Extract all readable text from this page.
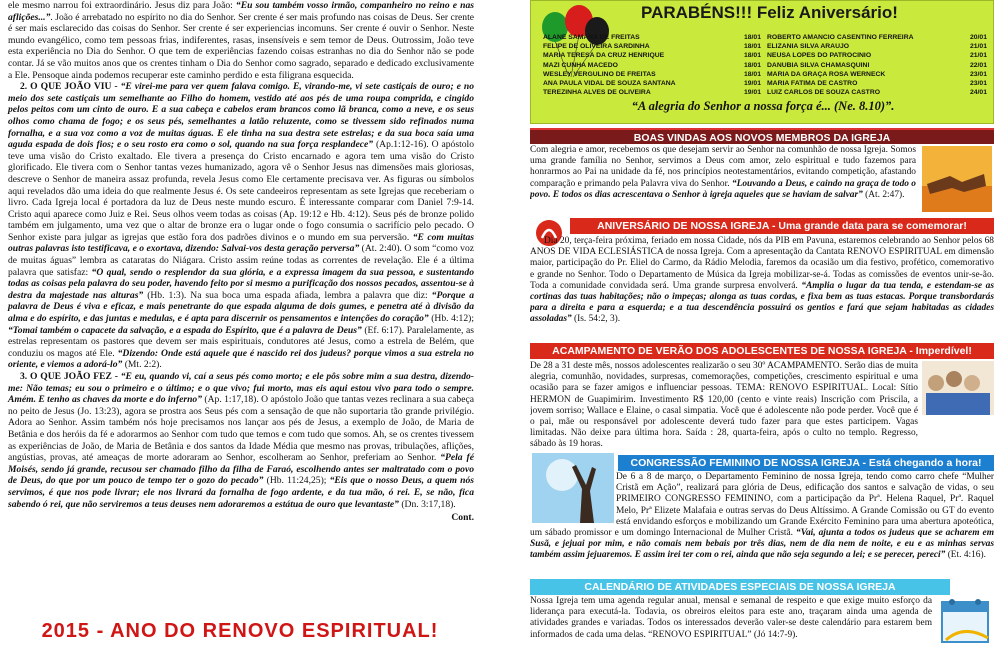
ele mesmo narrou foi extraordinário. Jesus diz para João: “Eu sou também vosso irmão, companheiro no reino e nas aflições...”. João é arrebatado no espírito no dia do Senhor. Ser crente é ser mais profundo nas coisas de Deus. Ser crente é ser mais esclarecido das coisas do Senhor. Ser crente é ser experiencias incomuns. Ser crente é ouvir o Senhor. Neste mundo evangélico, como tem pessoas frias, indiferentes, rasas, insensíveis e sem temor de Deus. Outrossim, João teve esta experiência no Dia do Senhor. O que tem de experiências fazendo coisas estranhas no dia do Senhor não se pode contar. Já se vão muitos anos que os crentes tinham o Dia do Senhor como sagrado, separado e dedicado exclusivamente a Ele. Pensoque ainda podemos recuperar este caminho perdido e esta filigrana esquecida.

2. O QUE JOÃO VIU - “E virei-me para ver quem falava comigo. E, virando-me, vi sete castiçais de ouro; e no meio dos sete castiçais um semelhante ao Filho do homem, vestido até aos pés de uma roupa comprida, e cingido pelos peitos com um cinto de ouro. E a sua cabeça e cabelos eram brancos como lã branca, como a neve, e os seus olhos como chama de fogo; e os seus pés, semelhantes a latão reluzente, como se tivessem sido refinados numa fornalha, e a sua voz como a voz de muitas águas. E ele tinha na sua destra sete estrelas; e da sua boca saía uma aguda espada de dois fios; e o seu rosto era como o sol, quando na sua força resplandece” (Ap.1:12-16). O apóstolo teve uma visão do Cristo exaltado. Ele tivera a presença do Cristo encarnado e agora tem uma visão do Cristo glorificado. Ele tivera com o Senhor tantas vezes humanizado, agora vê o Senhor Jesus nas dimensões mais gloriosas, descreve o Senhor de maneira assaz profunda, revela Jesus como Ele certamente precisava ver. As figuras ou símbolos aqui revelados dão uma ideia do que realmente Jesus é. Os sete candeeiros representam as sete Igrejas que receberiam o livro. Cada Igreja local é portadora da luz de Deus neste mundo escuro. É interessante comparar com Daniel 7:9-14. Cristo aqui aparece como Juiz e Rei. Seus olhos veem todas as coisas (Ap. 19:12 e Hb. 4:12). Seus pés de bronze polido também em julgamento, uma vez que o altar de bronze era o lugar onde o fogo consumia o sacrifício pelo pecado. O Senhor existe para julgar as igrejas que estão fora dos padrões divinos e o mundo em sua perversão. “E com muitas outras palavras isto testificava, e o exortava, dizendo: Salvai-vos desta geração perversa” (At. 2:40). O som “como voz de muitas águas” lembra as cataratas do Niágara. Cristo assim reúne todas as correntes de revelação. Ele é a última palavra que satisfaz: “O qual, sendo o resplendor da sua glória, e a expressa imagem da sua pessoa, e sustentando todas as coisas pela palavra do seu poder, havendo feito por si mesmo a purificação dos nossos pecados, assentou-se à destra da majestade nas alturas” (Hb. 1:3). Na sua boca uma espada afiada, lembra a palavra que diz: “Porque a palavra de Deus é viva e eficaz, e mais penetrante do que espada alguma de dois gumes, e penetra até à divisão da alma e do espírito, e das juntas e medulas, e é apta para discernir os pensamentos e intenções do coração” (Hb. 4:12); “Tomai também o capacete da salvação, e a espada do Espírito, que é a palavra de Deus” (Ef. 6:17). Paralelamente, as estrelas representam os pastores que devem ser mais espirituais, condutores até Jesus, como a estrela de Belém, que conduziu os magos até Ele. “Dizendo: Onde está aquele que é nascido rei dos judeus? porque vimos a sua estrela no oriente, e viemos a adorá-lo” (Mt. 2:2).

3. O QUE JOÃO FEZ - “E eu, quando vi, caí a seus pés como morto; e ele pôs sobre mim a sua destra, dizendo-me: Não temas; eu sou o primeiro e o último; e o que vivo; fui morto, mas eis aqui estou vivo para todo o sempre. Amém. E tenho as chaves da morte e do inferno” (Ap. 1:17,18). O apóstolo João que tantas vezes reclinara a sua cabeça no peito de Jesus (Jo. 13:23), agora se prostra aos Seus pés com a sensação de que não suportaria tão grande privilégio. Adora ao Senhor. Assim também nós hoje precisamos nos lançar aos pés de Jesus, a exemplo de João, de Maria de Betânia e dos heróis da fé e adorarmos ao Senhor com tudo que temos e com tudo que somos. Ah, se os crentes tivessem as experiências de João, de Maria de Betânia e dos santos da Idade Média que mesmo nas provas, tribulações, aflições, angústias, provas, até ameaças de morte adoraram ao Senhor, escolheram ao Senhor, preferiam ao Senhor. “Pela fé Moisés, sendo já grande, recusou ser chamado filho da filha de Faraó, escolhendo antes ser maltratado com o povo de Deus, do que por um pouco de tempo ter o gozo do pecado” (Hb. 11:24,25); “Eis que o nosso Deus, a quem nós servimos, é que nos pode livrar; ele nos livrará da fornalha de fogo ardente, e da tua mão, ó rei. E, se não, fica sabendo ó rei, que não serviremos a teus deuses nem adoraremos a estátua de ouro que levantaste” (Dn. 3:17,18).

Cont.
2015 - ANO DO RENOVO ESPIRITUAL!
PARABÉNS!!! Feliz Aniversário!
ALANE SAMARA DE FREITAS	18/01
FELIPE DE OLIVEIRA SARDINHA	18/01
MARIA TERESA DA CRUZ HENRIQUE	18/01
MAZI CUNHA MACEDO	18/01
WESLEY VERGULINO DE FREITAS	18/01
ANA PAULA VIDAL DE SOUZA SANTANA	19/01
TEREZINHA ALVES DE OLIVEIRA	19/01
ROBERTO AMANCIO CASENTINO FERREIRA	20/01
ELIZANIA SILVA ARAUJO	21/01
NEUSA LOPES DO PATROCINIO	21/01
DANUBIA SILVA CHAMASQUINI	22/01
MARIA DA GRAÇA ROSA WERNECK	23/01
MARIA FATIMA DE CASTRO	23/01
LUIZ CARLOS DE SOUZA CASTRO	24/01
“A alegria do Senhor a nossa força é... (Ne. 8.10)”.
BOAS VINDAS AOS NOVOS MEMBROS DA IGREJA
Com alegria e amor, recebemos os que desejam servir ao Senhor na comunhão de nossa Igreja. Somos uma grande família no Senhor, servimos a Deus com amor, zelo espiritual e tudo fazemos para honrarmos ao Pai na unidade da fé, nos princípios neotestamentários, evitando competição, afastando comparação e primando pela Palavra viva do Senhor. “Louvando a Deus, e caindo na graça de todo o povo. E todos os dias acrescentava o Senhor à igreja aqueles que se haviam de salvar” (At. 2:47).
ANIVERSÁRIO DE NOSSA IGREJA - Uma grande data para se comemorar!
Dia 20, terça-feira próxima, feriado em nossa Cidade, nós da PIB em Pavuna, estaremos celebrando ao Senhor pelos 68 ANOS DE VIDA ECLESIÁSTICA de nossa Igreja. Com a apresentação da Cantata RENOVO ESPIRITUAL em dimensão maior, participação do Pr. Eliel do Carmo, da Rádio Melodia, faremos da ocasião um dia festivo, profético, comemorativo e grande no Senhor. Todo o Departamento de Música da Igreja mobilizar-se-á. Todas as comissões de eventos unir-se-ão. Toda a comunidade convidada será. Uma grande surpresa envolverá. “Amplia o lugar da tua tenda, e estendam-se as cortinas das tuas habitações; não o impeças; alonga as tuas cordas, e fixa bem as tuas estacas. Porque transbordarás para a direita e para a esquerda; e a tua descendência possuirá os gentios e fará que sejam habitadas as cidades assoladas” (Is. 54:2, 3).
ACAMPAMENTO DE VERÃO DOS ADOLESCENTES DE NOSSA IGREJA - Imperdível!
De 28 a 31 deste mês, nossos adolescentes realizarão o seu 30º ACAMPAMENTO. Serão dias de muita alegria, comunhão, novidades, surpresas, comemorações, competições, crescimento espiritual e uma ocasião para se fazer amigos e influenciar pessoas. TEMA: RENOVO ESPIRITUAL. Local: Sítio HERMON de Guapimirim. Investimento R$ 120,00 (cento e vinte reais) Inscrição com Priscila, a jovem sorriso; Wallace e Elaine, o casal simpatia. Você que é adolescente não pode perder. Você que é o pai, mãe ou responsável por adolescente deverá tudo fazer para que estes participem. Vagas limitadas. Não deixe para última hora. Saída : 28, quarta-feira, após o culto no templo. Regresso, sábado às 19 horas.
CONGRESSÃO FEMININO DE NOSSA IGREJA - Está chegando a hora!
De 6 a 8 de março, o Departamento Feminino de nossa Igreja, tendo como carro chefe “Mulher Cristã em Ação”, realizará para glória de Deus, edificação dos santos e salvação de vidas, o seu PRIMEIRO CONGRESSO FEMININO, com a participação da Prª. Helena Raquel, Prª. Raquel Melo, Prª Elizete Malafaia e outras servas do Deus Altíssimo. A Grande Comissão ou GT do evento está envidando esforços e mobilizando um Grande Exército Feminino para uma abertura apoteótica, um sábado promissor e um domingo Internacional de Mulher Cristã. “Vai, ajunta a todos os judeus que se acharem em Susã, e jejuai por mim, e não comais nem bebais por três dias, nem de dia nem de noite, e eu e as minhas servas também assim jejuaremos. E assim irei ter com o rei, ainda que não seja segundo a lei; e se perecer, pereci” (Et. 4:16).
CALENDÁRIO DE ATIVIDADES ESPECIAIS DE NOSSA IGREJA
Nossa Igreja tem uma agenda regular anual, mensal e semanal de respeito e que exige muito esforço da liderança para executá-la. Todavia, os obreiros eleitos para este ano, traçaram ainda uma agenda de atividades grandes e variadas. Todos os interessados deverão valer-se deste calendário para estarem bem informados de cada uma delas. “RENOVO ESPIRITUAL” (Jó 14:7-9).
